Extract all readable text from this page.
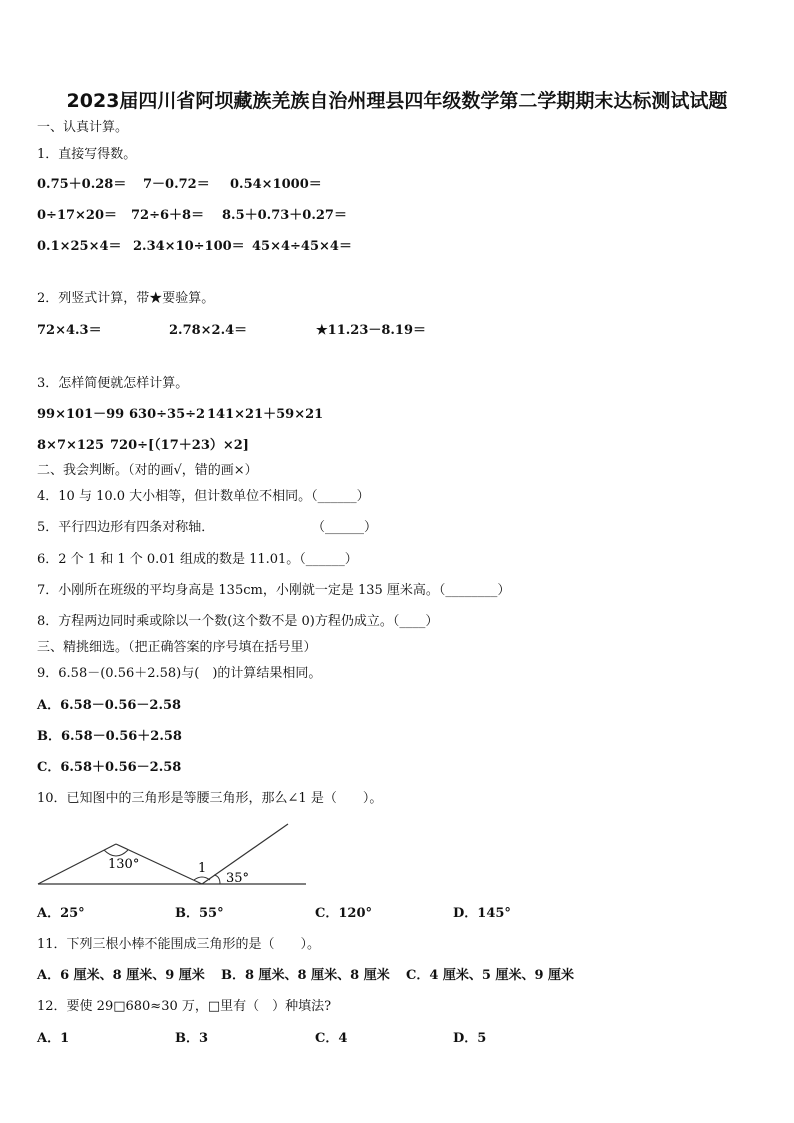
2023届四川省阿坝藏族羌族自治州理县四年级数学第二学期期末达标测试试题
一、认真计算。
1．直接写得数。
0.75＋0.28＝ 7－0.72＝ 0.54×1000＝
0÷17×20＝ 72÷6＋8＝ 8.5＋0.73＋0.27＝
0.1×25×4＝ 2.34×10÷100＝ 45×4÷45×4＝
2．列竖式计算，带★要验算。
72×4.3＝	2.78×2.4＝	★11.23－8.19＝
3．怎样简便就怎样计算。
99×101－99 630÷35÷2 141×21＋59×21
8×7×125 720÷[（17＋23）×2]
二、我会判断。（对的画√，错的画×）
4．10 与 10.0 大小相等，但计数单位不相同。（______）
5．平行四边形有四条对称轴．	（______）
6．2 个 1 和 1 个 0.01 组成的数是 11.01。（______）
7．小刚所在班级的平均身高是 135cm，小刚就一定是 135 厘米高。（________）
8．方程两边同时乘或除以一个数(这个数不是 0)方程仍成立。（____）
三、精挑细选。（把正确答案的序号填在括号里）
9．6.58－(0.56＋2.58)与(　)的计算结果相同。
A．6.58－0.56－2.58
B．6.58－0.56＋2.58
C．6.58＋0.56－2.58
10．已知图中的三角形是等腰三角形，那么∠1 是（　　）。
130°	1
35°
A．25°	B．55°	C．120°	D．145°
11．下列三根小棒不能围成三角形的是（　　）。
A．6 厘米、8 厘米、9 厘米 B．8 厘米、8 厘米、8 厘米 C．4 厘米、5 厘米、9 厘米
12．要使 29□680≈30 万，□里有（　）种填法?
A．1	B．3	C．4	D．5
